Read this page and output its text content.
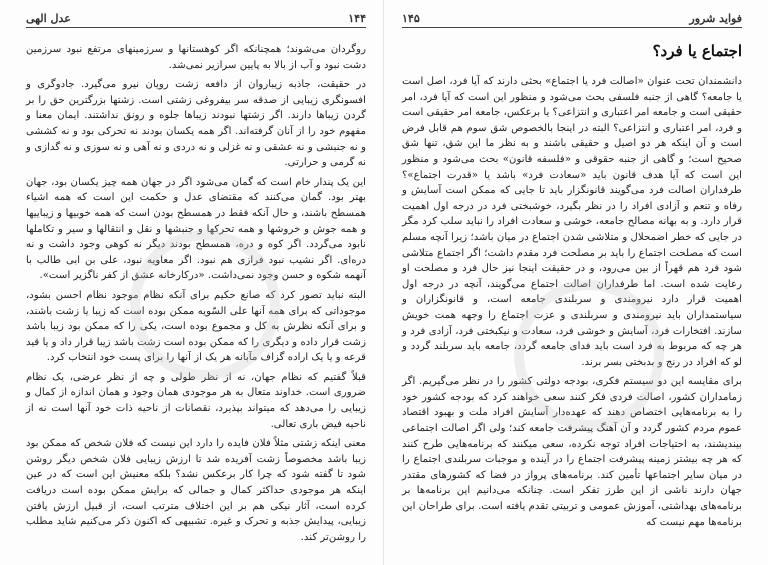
۱۴۴
عدل الهی

روگردان می‌شوند؛ همچنانکه اگر کوهستانها و سرزمینهای مرتفع نبود سرزمین دشت نبود و آب از بالا به پایین سرازیر نمی‌شد.

در حقیقت، جاذبه زیباروان از دافعه زشت رویان نیرو می‌گیرد. جادوگری و افسونگری زیبایی از صدقه سر بیفروغی زشتی است. زشتها بزرگترین حق را بر گردن زیباها دارند. اگر زشتها نبودند زیباها جلوه و رونق نداشتند. ایمان معنا و مفهوم خود را از آنان گرفته‌اند. اگر همه یکسان بودند نه تحرکی بود و نه کششی و نه جنبشی و نه عشقی و نه غزلی و نه دردی و نه آهی و نه سوزی و نه گدازی و نه گرمی و حرارتی.

این یک پندار خام است که گمان می‌شود اگر در جهان همه چیز یکسان بود، جهان بهتر بود. گمان می‌کنند که مقتضای عدل و حکمت این است که همه اشیاء همسطح باشند، و حال آنکه فقط در همسطح بودن است که همه خوبیها و زیباییها و همه جوش و خروشها و همه تحرکها و جنبشها و نقل و انتقالها و سیر و تکاملها نابود می‌گردد. اگر کوه و دره، همسطح بودند دیگر نه کوهی وجود داشت و نه دره‌ای. اگر نشیب نبود فرازی هم نبود. اگر معاویه نبود، علی بن ابی طالب با آنهمه شکوه و حسن وجود نمی‌داشت. «درکارخانه عشق از کفر ناگزیر است».

البته نباید تصور کرد که صانع حکیم برای آنکه نظام موجود نظام احسن بشود، موجوداتی که برای همه آنها علی السّویه ممکن بوده است که زیبا یا زشت باشند، و برای آنکه نظرش به کل و مجموع بوده است، یکی را که ممکن بود زیبا باشد زشت قرار داده و دیگری را که ممکن بوده است زشت باشد زیبا قرار داد و یا قید قرعه و یا یک اراده گزاف مآبانه هر یک از آنها را برای پست خود انتخاب کرد.

قبلاً گفتیم که نظام جهان، نه از نظر طولی و چه از نظر عرضی، یک نظام ضروری است. خداوند متعال به هر موجودی همان وجود و همان اندازه از کمال و زیبایی را می‌دهد که میتواند بپذیرد، نقصانات از ناحیه ذات خود آنها است نه از ناحیه فیض باری تعالی.

معنی اینکه زشتی مثلاً فلان فایده را دارد این نیست که فلان شخص که ممکن بود زیبا باشد مخصوصاً زشت آفریده شد تا ارزش زیبایی فلان شخص دیگر روشن شود تا گفته شود که چرا کار برعکس نشد؟ بلکه معنیش این است که در عین اینکه هر موجودی حداکثر کمال و جمالی که برایش ممکن بوده است دریافت کرده است، آثار نیکی هم بر این اختلاف مترتب است، از قبیل ارزش یافتن زیبایی، پیدایش جذبه و تحرک و غیره. تشبیهی که اکنون ذکر می‌کنیم شاید مطلب را روشن‌تر کند.

فواید شرور
۱۴۵
اجتماع یا فرد؟

دانشمندان تحت عنوان «اصالت فرد یا اجتماع» بحثی دارند که آیا فرد، اصل است یا جامعه؟ گاهی از جنبه فلسفی بحث می‌شود و منظور این است که آیا فرد، امر حقیقی است و جامعه امر اعتباری و انتزاعی؟ یا برعکس، جامعه امر حقیقی است و فرد، امر اعتباری و انتزاعی؟ البته در اینجا بالخصوص شق سوم هم قابل فرض است و آن اینکه هر دو اصیل و حقیقی باشند و به نظر ما این شق، تنها شق صحیح است؛ و گاهی از جنبه حقوقی و «فلسفه قانون» بحث می‌شود و منظور این است که آیا هدف قانون باید «سعادت فرد» باشد یا «قدرت اجتماع»؟ طرفداران اصالت فرد می‌گویند قانونگزار باید تا جایی که ممکن است آسایش و رفاه و تنعم و آزادی افراد را در نظر بگیرد، خوشبختی فرد در درجه اول اهمیت قرار دارد. و به بهانه مصالح جامعه، خوشی و سعادت افراد را نباید سلب کرد مگر در جایی که خطر اضمحلال و متلاشی شدن اجتماع در میان باشد؛ زیرا آنچه مسلم است که مصلحت اجتماع را باید بر مصلحت فرد مقدم داشت؛ اگر اجتماع متلاشی شود فرد هم قهراً از بین می‌رود، و در حقیقت اینجا نیز حال فرد و مصلحت او رعایت شده است. اما طرفداران اصالت اجتماع می‌گویند، آنچه در درجه اول اهمیت قرار دارد نیرومندی و سربلندی جامعه است، و قانونگزاران و سیاستمداران باید نیرومندی و سربلندی و عزت اجتماع را وجهه همت خویش سازند. افتخارات فرد، آسایش و خوشی فرد، سعادت و نیکبختی فرد، آزادی فرد و هر چه که مربوط به فرد است باید فدای جامعه گردد، جامعه باید سربلند گردد و لو که افراد در رنج و بدبختی بسر برند.

برای مقایسه این دو سیستم فکری، بودجه دولتی کشور را در نظر می‌گیریم. اگر زمامداران کشور، اصالت فردی فکر کنند سعی خواهند کرد که بودجه کشور خود را به برنامه‌هایی اختصاص دهند که عهده‌دار آسایش افراد ملت و بهبود اقتصاد عموم مردم کشور گردد و آن آهنگ پیشرفت جامعه کند؛ ولی اگر اصالت اجتماعی بیندیشند، به احتیاجات افراد توجه نکرده، سعی میکنند که برنامه‌هایی طرح کنند که هر چه بیشتر زمینه پیشرفت اجتماع را در آینده و موجبات سربلندی اجتماع را در میان سایر اجتماعها تأمین کند. برنامه‌های پرواز در فضا که کشورهای مقتدر جهان دارند ناشی از این طرز تفکر است. چنانکه می‌دانیم این برنامه‌ها بر برنامه‌های بهداشتی، آموزش عمومی و تربیتی تقدم یافته است. برای طراحان این برنامه‌ها مهم نیست که
